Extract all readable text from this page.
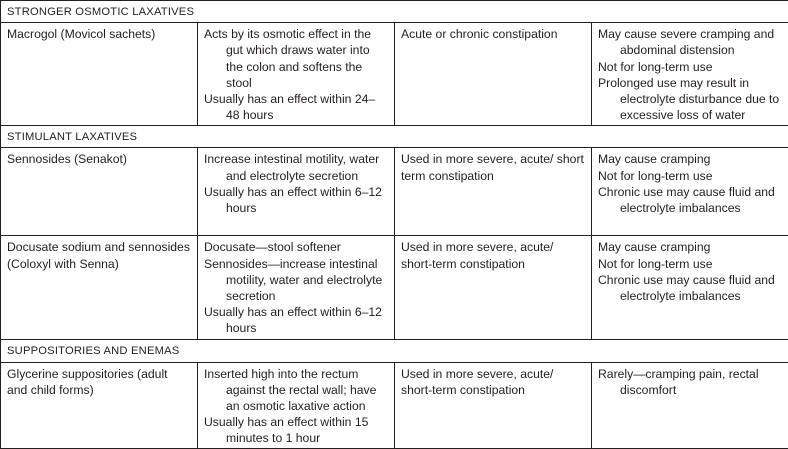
STRONGER OSMOTIC LAXATIVES			
Macrogol (Movicol sachets)	Acts by its osmotic effect in the gut which draws water into the colon and softens the stool
Usually has an effect within 24–48 hours	Acute or chronic constipation	May cause severe cramping and abdominal distension
Not for long-term use
Prolonged use may result in electrolyte disturbance due to excessive loss of water

STIMULANT LAXATIVES			
Sennosides (Senakot)	Increase intestinal motility, water and electrolyte secretion
Usually has an effect within 6–12 hours	Used in more severe, acute/ short term constipation	May cause cramping
Not for long-term use
Chronic use may cause fluid and electrolyte imbalances

Docusate sodium and sennosides (Coloxyl with Senna)	Docusate—stool softener
Sennosides—increase intestinal motility, water and electrolyte secretion
Usually has an effect within 6–12 hours	Used in more severe, acute/ short-term constipation	May cause cramping
Not for long-term use
Chronic use may cause fluid and electrolyte imbalances

SUPPOSITORIES AND ENEMAS			
Glycerine suppositories (adult and child forms)	Inserted high into the rectum against the rectal wall; have an osmotic laxative action
Usually has an effect within 15 minutes to 1 hour	Used in more severe, acute/ short-term constipation	Rarely—cramping pain, rectal discomfort
